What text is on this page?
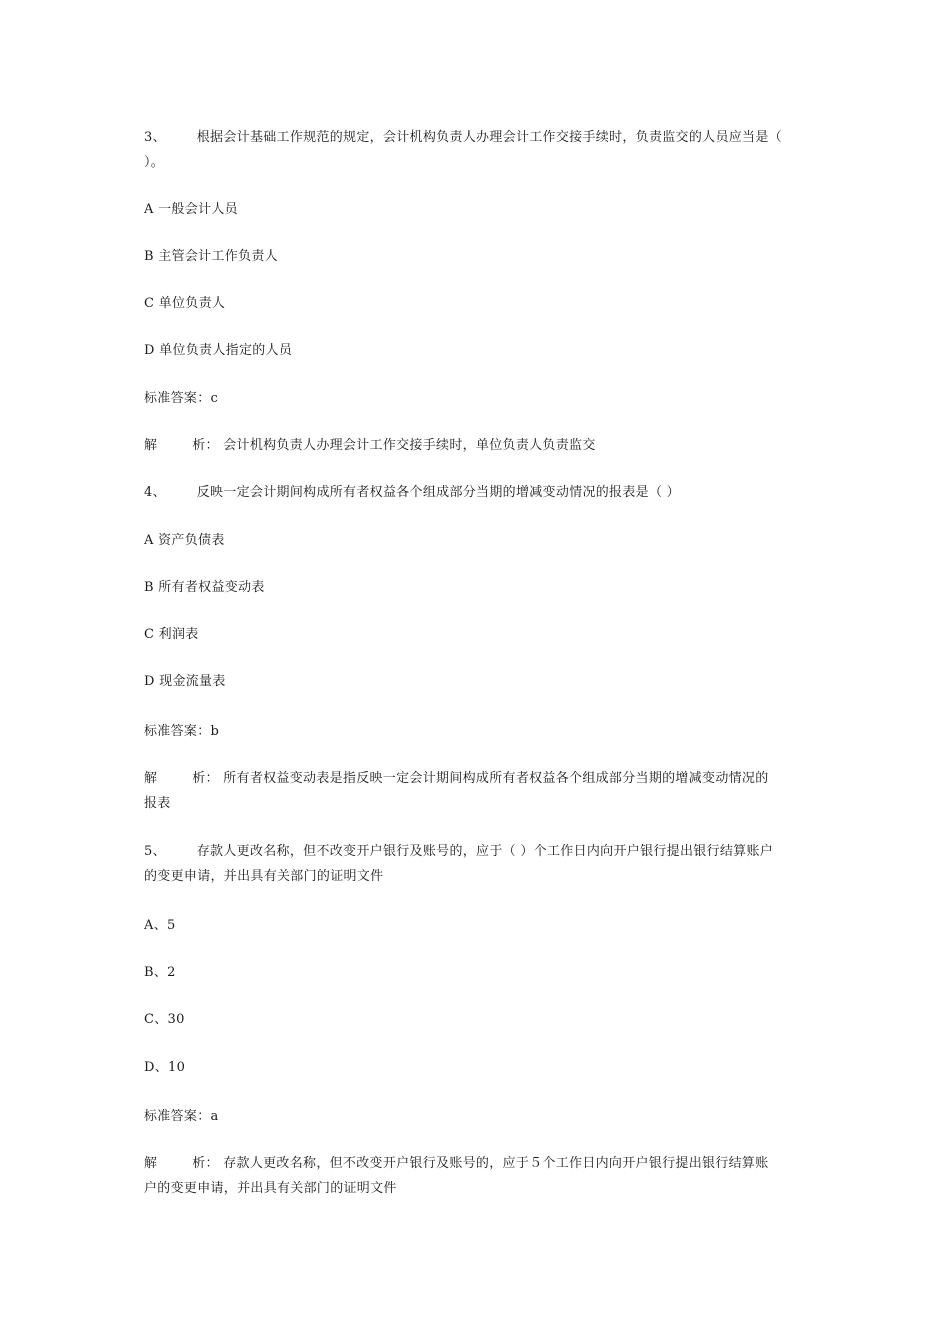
3、 根据会计基础工作规范的规定，会计机构负责人办理会计工作交接手续时，负责监交的人员应当是（
）。
A 一般会计人员
B 主管会计工作负责人
C 单位负责人
D 单位负责人指定的人员
标准答案：c
解	析： 会计机构负责人办理会计工作交接手续时，单位负责人负责监交
4、 反映一定会计期间构成所有者权益各个组成部分当期的增减变动情况的报表是（ ）
A 资产负债表
B 所有者权益变动表
C 利润表
D 现金流量表
标准答案：b
解	析： 所有者权益变动表是指反映一定会计期间构成所有者权益各个组成部分当期的增减变动情况的
报表
5、 存款人更改名称，但不改变开户银行及账号的，应于（ ）个工作日内向开户银行提出银行结算账户
的变更申请，并出具有关部门的证明文件
A、5
B、2
C、30
D、10
标准答案：a
解	析： 存款人更改名称，但不改变开户银行及账号的，应于５个工作日内向开户银行提出银行结算账
户的变更申请，并出具有关部门的证明文件
